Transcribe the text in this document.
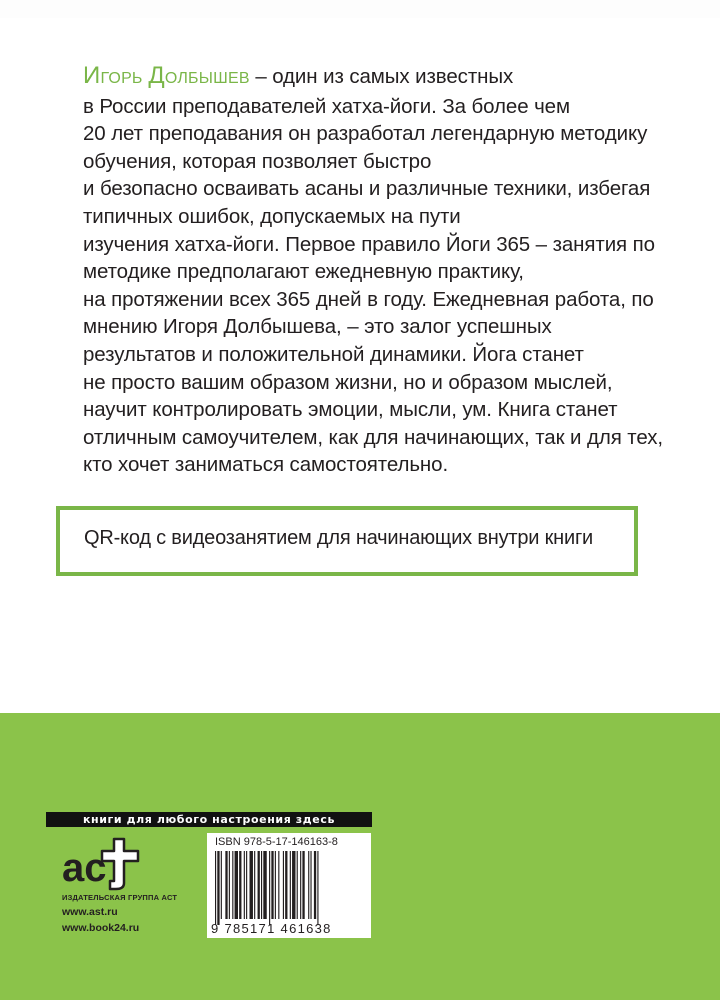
ИГОРЬ ДОЛБЫШЕВ – один из самых известных
в России преподавателей хатха-йоги. За более чем
20 лет преподавания он разработал легендарную методику
обучения, которая позволяет быстро
и безопасно осваивать асаны и различные техники, избегая
типичных ошибок, допускаемых на пути
изучения хатха-йоги. Первое правило Йоги 365 – занятия по
методике предполагают ежедневную практику,
на протяжении всех 365 дней в году. Ежедневная работа, по
мнению Игоря Долбышева, – это залог успешных
результатов и положительной динамики. Йога станет
не просто вашим образом жизни, но и образом мыслей,
научит контролировать эмоции, мысли, ум. Книга станет
отличным самоучителем, как для начинающих, так и для тех,
кто хочет заниматься самостоятельно.
QR-код с видеозанятием для начинающих внутри книги
книги для любого настроения здесь
ac
ИЗДАТЕЛЬСКАЯ ГРУППА АСТ
www.ast.ru
www.book24.ru
ISBN 978-5-17-146163-8
9 785171 461638
